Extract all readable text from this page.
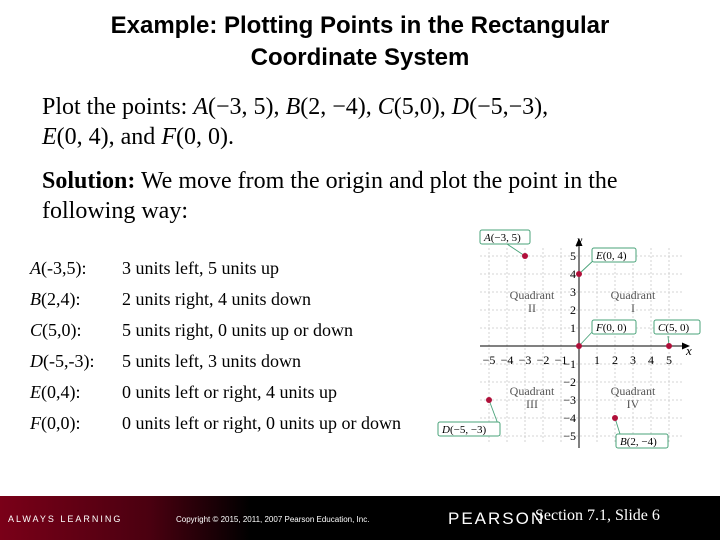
Example: Plotting Points in the Rectangular
Coordinate System
Plot the points: A(−3, 5), B(2, −4), C(5,0), D(−5,−3),
E(0, 4), and F(0, 0).
Solution: We move from the origin and plot the point in the following way:
A(-3,5): 3 units left, 5 units up
B(2,4): 2 units right, 4 units down
C(5,0): 5 units right, 0 units up or down
D(-5,-3): 5 units left, 3 units down
E(0,4): 0 units left or right, 4 units up
F(0,0): 0 units left or right, 0 units up or down
x
y
−5 −4 −3 −2 −1 1 2 3 4 5
5
4
3
2
1
−1
−2
−3
−4
−5
Quadrant II
Quadrant I
Quadrant III
Quadrant IV
A(−3, 5)
E(0, 4)
F(0, 0)	C(5, 0)
D(−5, −3)
B(2, −4)
ALWAYS LEARNING	Copyright © 2015, 2011, 2007 Pearson Education, Inc.	PEARSON
Section 7.1, Slide 6
